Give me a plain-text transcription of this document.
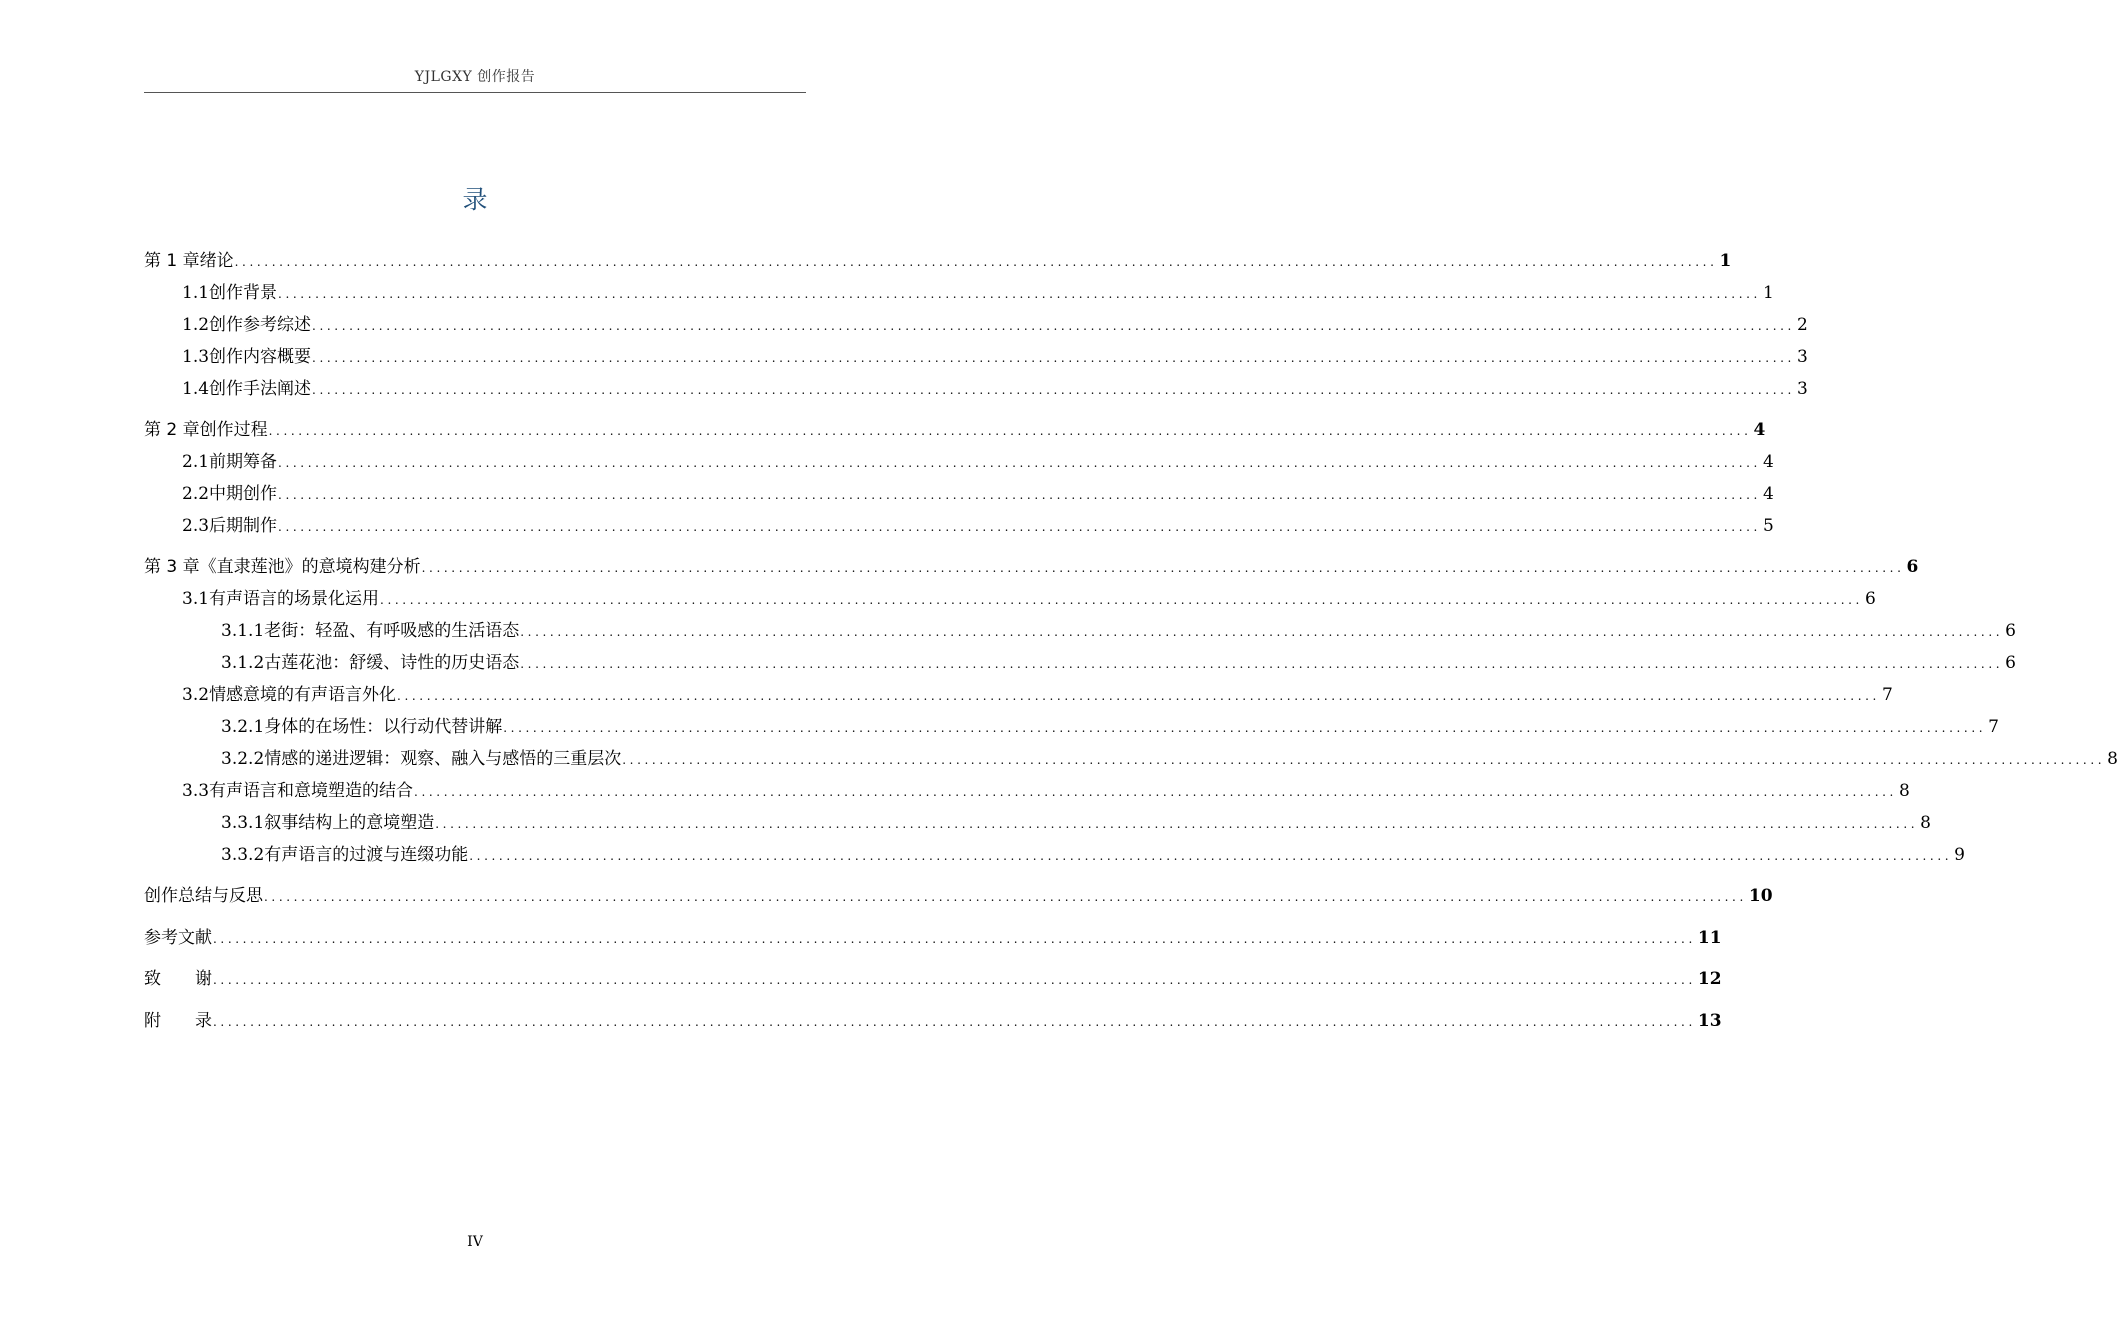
YJLGXY 创作报告
录
第 1 章 绪论 ........................................................................................................................................................................................................ 1
1.1 创作背景 ........................................................................................................................................................................................................ 1
1.2 创作参考综述 ........................................................................................................................................................................................................ 2
1.3 创作内容概要 ........................................................................................................................................................................................................ 3
1.4 创作手法阐述 ........................................................................................................................................................................................................ 3
第 2 章 创作过程 ........................................................................................................................................................................................................ 4
2.1 前期筹备 ........................................................................................................................................................................................................ 4
2.2 中期创作 ........................................................................................................................................................................................................ 4
2.3 后期制作 ........................................................................................................................................................................................................ 5
第 3 章 《直隶莲池》的意境构建分析 ........................................................................................................................................................................................................ 6
3.1 有声语言的场景化运用 ........................................................................................................................................................................................................ 6
3.1.1 老街：轻盈、有呼吸感的生活语态 ........................................................................................................................................................................................................ 6
3.1.2 古莲花池：舒缓、诗性的历史语态 ........................................................................................................................................................................................................ 6
3.2 情感意境的有声语言外化 ........................................................................................................................................................................................................ 7
3.2.1 身体的在场性：以行动代替讲解 ........................................................................................................................................................................................................ 7
3.2.2 情感的递进逻辑：观察、融入与感悟的三重层次 ........................................................................................................................................................................................................ 8
3.3 有声语言和意境塑造的结合 ........................................................................................................................................................................................................ 8
3.3.1 叙事结构上的意境塑造 ........................................................................................................................................................................................................ 8
3.3.2 有声语言的过渡与连缀功能 ........................................................................................................................................................................................................ 9
创作总结与反思 ........................................................................................................................................................................................................ 10
参考文献 ........................................................................................................................................................................................................ 11
致　　谢 ........................................................................................................................................................................................................ 12
附　　录 ........................................................................................................................................................................................................ 13
IV
